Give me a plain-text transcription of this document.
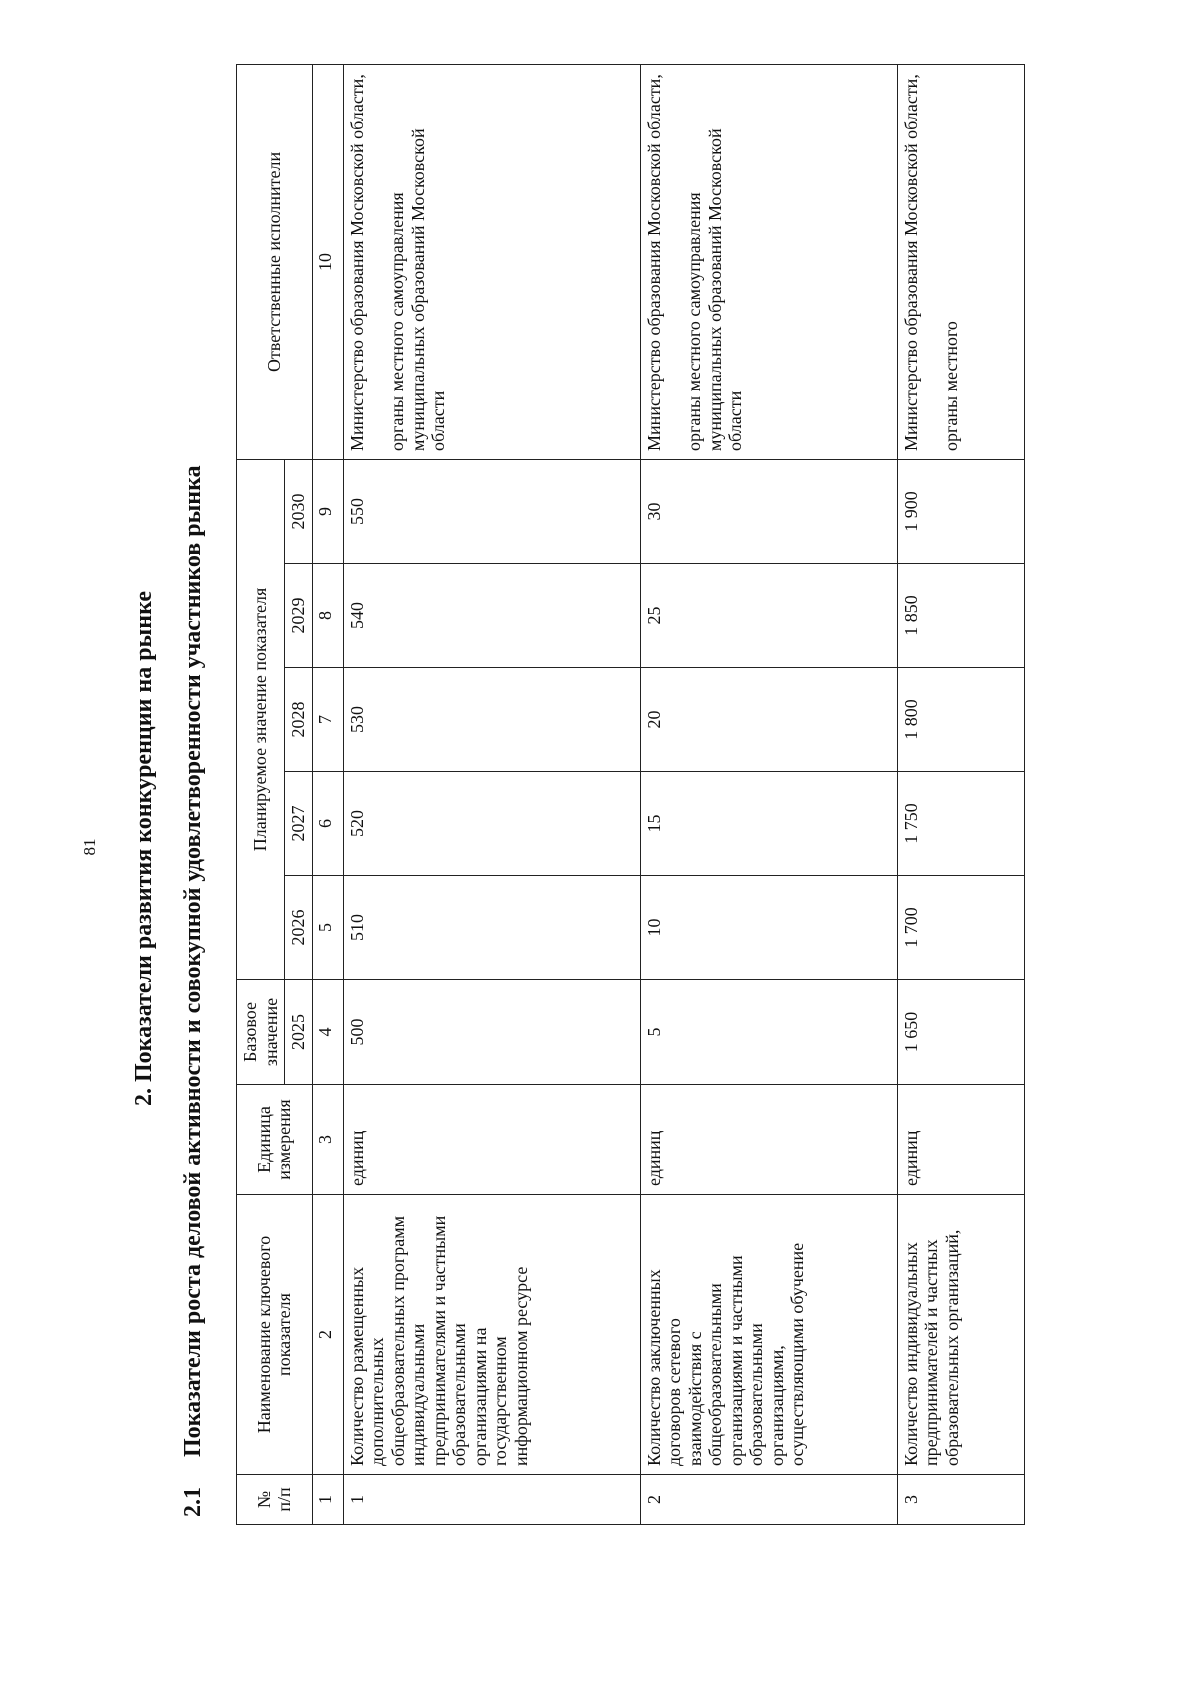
81 2. Показатели развития конкуренции на рынке
2.1Показатели роста деловой активности и совокупной удовлетворенности участников рынка
№ п/п	Наименование ключевого показателя	Единица измерения	Базовое значение	Планируемое значение показателя					Ответственные исполнители
			2025	2026	2027	2028	2029	2030	
1	2	3	4	5	6	7	8	9	10
1	Количество размещенных дополнительных общеобразовательных программ индивидуальными предпринимателями и частными образовательными организациями на государственном информационном ресурсе	единиц	500	510	520	530	540	550	Министерство образования Московской области, органы местного самоуправления муниципальных образований Московской области

2	Количество заключенных договоров сетевого взаимодействия с общеобразовательными организациями и частными образовательными организациями, осуществляющими обучение	единиц	5	10	15	20	25	30	Министерство образования Московской области, органы местного самоуправления муниципальных образований Московской области

3	Количество индивидуальных предпринимателей и частных образовательных организаций,	единиц	1 650	1 700	1 750	1 800	1 850	1 900	Министерство образования Московской области, органы местного
